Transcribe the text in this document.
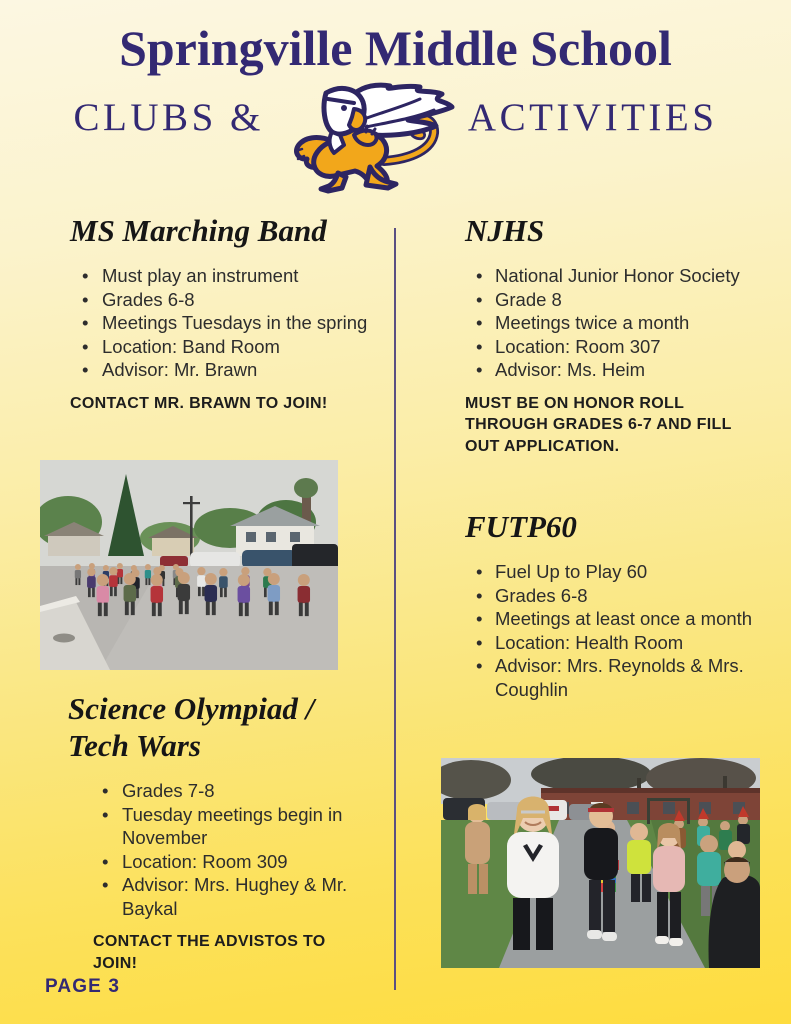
Springville Middle School
CLUBS &	ACTIVITIES
MS Marching Band
• Must play an instrument
• Grades 6-8
• Meetings Tuesdays in the spring
• Location: Band Room
• Advisor: Mr. Brawn
CONTACT MR. BRAWN TO JOIN!
NJHS
• National Junior Honor Society
• Grade 8
• Meetings twice a month
• Location: Room 307
• Advisor: Ms. Heim
MUST BE ON HONOR ROLL THROUGH GRADES 6-7 AND FILL OUT APPLICATION.
Science Olympiad / Tech Wars
• Grades 7-8
• Tuesday meetings begin in November
• Location: Room 309
• Advisor: Mrs. Hughey & Mr. Baykal
CONTACT THE ADVISTOS TO JOIN!
FUTP60
• Fuel Up to Play 60
• Grades 6-8
• Meetings at least once a month
• Location: Health Room
• Advisor: Mrs. Reynolds & Mrs. Coughlin
PAGE 3
